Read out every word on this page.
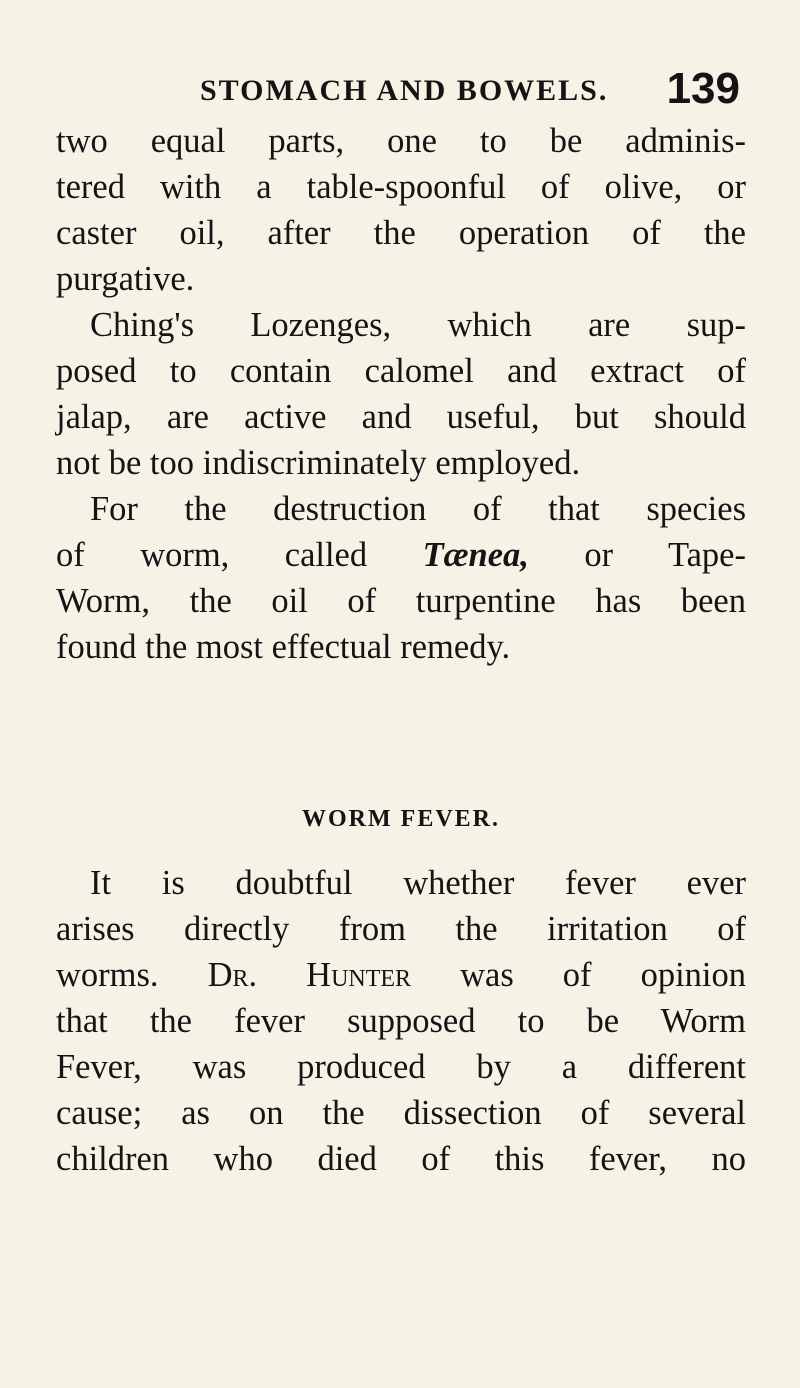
STOMACH AND BOWELS. 139
two equal parts, one to be adminis-
tered with a table-spoonful of olive, or
caster oil, after the operation of the
purgative.
Ching's Lozenges, which are sup-
posed to contain calomel and extract of
jalap, are active and useful, but should
not be too indiscriminately employed.
For the destruction of that species
of worm, called Tænea, or Tape-
Worm, the oil of turpentine has been
found the most effectual remedy.
WORM FEVER.
It is doubtful whether fever ever
arises directly from the irritation of
worms. Dr. Hunter was of opinion
that the fever supposed to be Worm
Fever, was produced by a different
cause; as on the dissection of several
children who died of this fever, no
